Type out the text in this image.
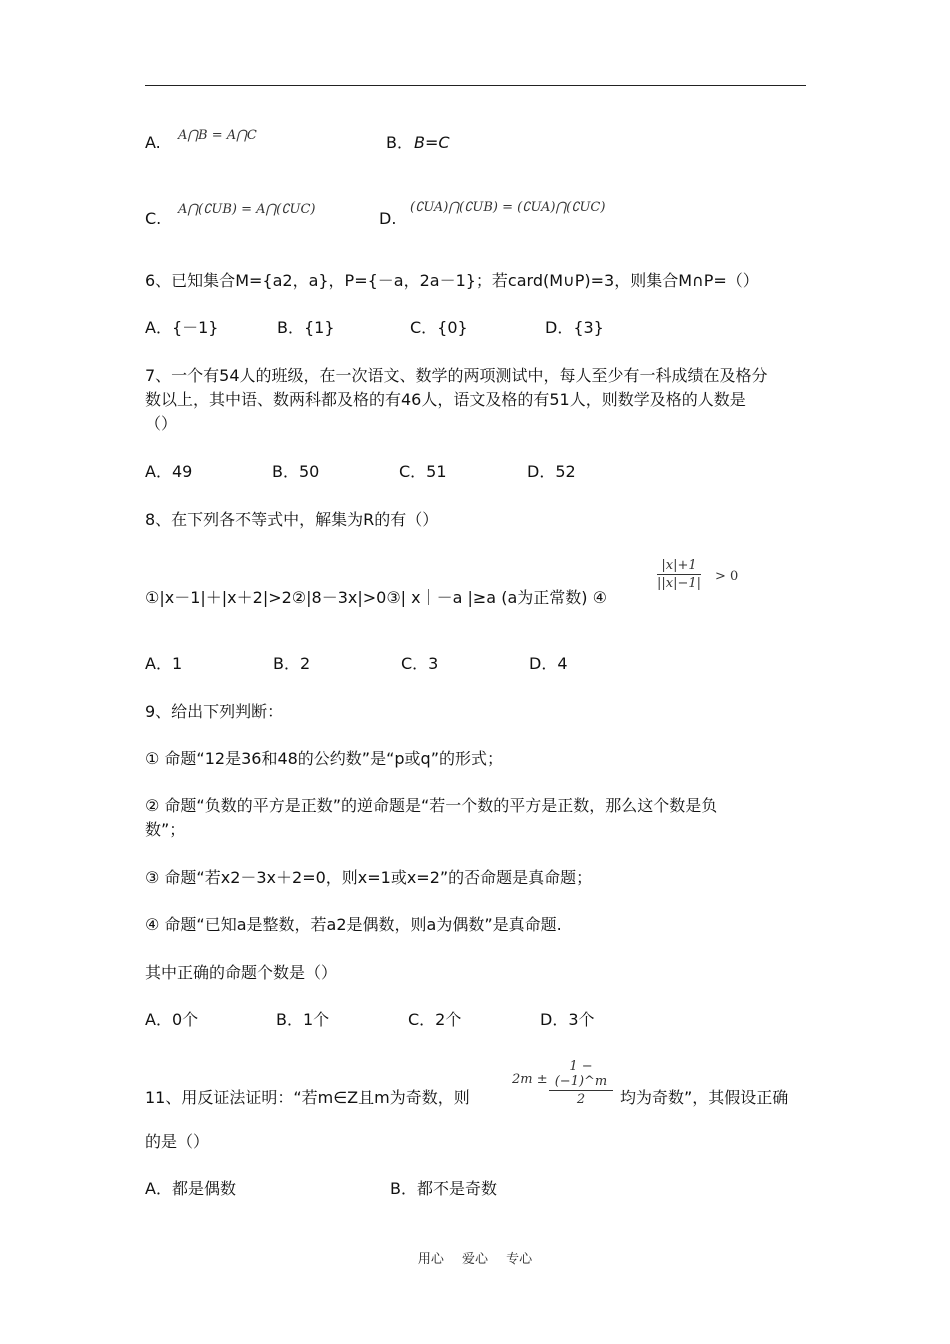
A. A⋂B = A⋂C	B． B=C
C. A⋂(∁UB) = A⋂(∁UC)	D.
(∁UA)⋂(∁UB) = (∁UA)⋂(∁UC)
6、已知集合M={a2，a}，P={－a，2a－1}；若card(M∪P)=3，则集合M∩P=（）
A．{－1}	B．{1}	C．{0}	D．{3}
7、一个有54人的班级，在一次语文、数学的两项测试中，每人至少有一科成绩在及格分
数以上，其中语、数两科都及格的有46人，语文及格的有51人，则数学及格的人数是
（）
A．49	B．50	C．51	D．52
8、在下列各不等式中，解集为R的有（）
①|x－1|＋|x＋2|>2②|8－3x|>0③| x｜－a |≥a (a为正常数) ④
|x|+1
||x|−1| > 0
A．1	B．2	C．3	D．4
9、给出下列判断：
① 命题“12是36和48的公约数”是“p或q”的形式；
② 命题“负数的平方是正数”的逆命题是“若一个数的平方是正数，那么这个数是负
数”；
③ 命题“若x2－3x＋2=0，则x=1或x=2”的否命题是真命题；
④ 命题“已知a是整数，若a2是偶数，则a为偶数”是真命题.
其中正确的命题个数是（）
A．0个	B．1个	C．2个	D．3个
11、用反证法证明：“若m∈Z且m为奇数，则
2m ±
1 − (−1)^m
2	均为奇数”，其假设正确
的是（）
A．都是偶数	B．都不是奇数
用心 爱心 专心
